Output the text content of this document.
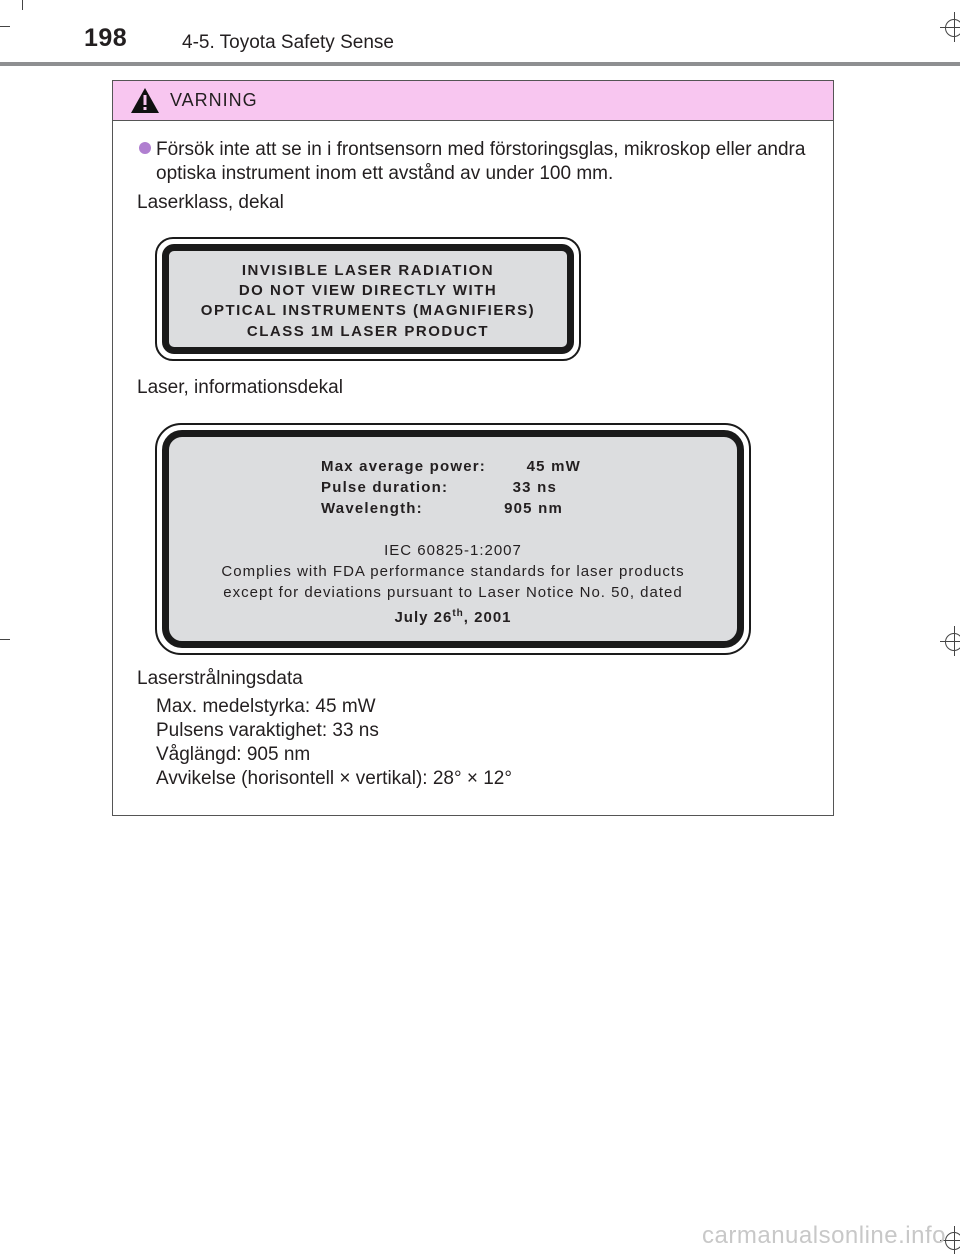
198	4-5. Toyota Safety Sense
VARNING
Försök inte att se in i frontsensorn med förstoringsglas, mikroskop eller andra optiska instrument inom ett avstånd av under 100 mm.
Laserklass, dekal
INVISIBLE LASER RADIATION
DO NOT VIEW DIRECTLY WITH
OPTICAL INSTRUMENTS (MAGNIFIERS)
CLASS 1M LASER PRODUCT
Laser, informationsdekal
Max average power:	45 mW
Pulse duration:	33 ns
Wavelength:	905 nm
IEC 60825-1:2007
Complies with FDA performance standards for laser products
except for deviations pursuant to Laser Notice No. 50, dated
July 26th, 2001
Laserstrålningsdata
Max. medelstyrka: 45 mW
Pulsens varaktighet: 33 ns
Våglängd: 905 nm
Avvikelse (horisontell × vertikal): 28° × 12°
carmanualsonline.info
